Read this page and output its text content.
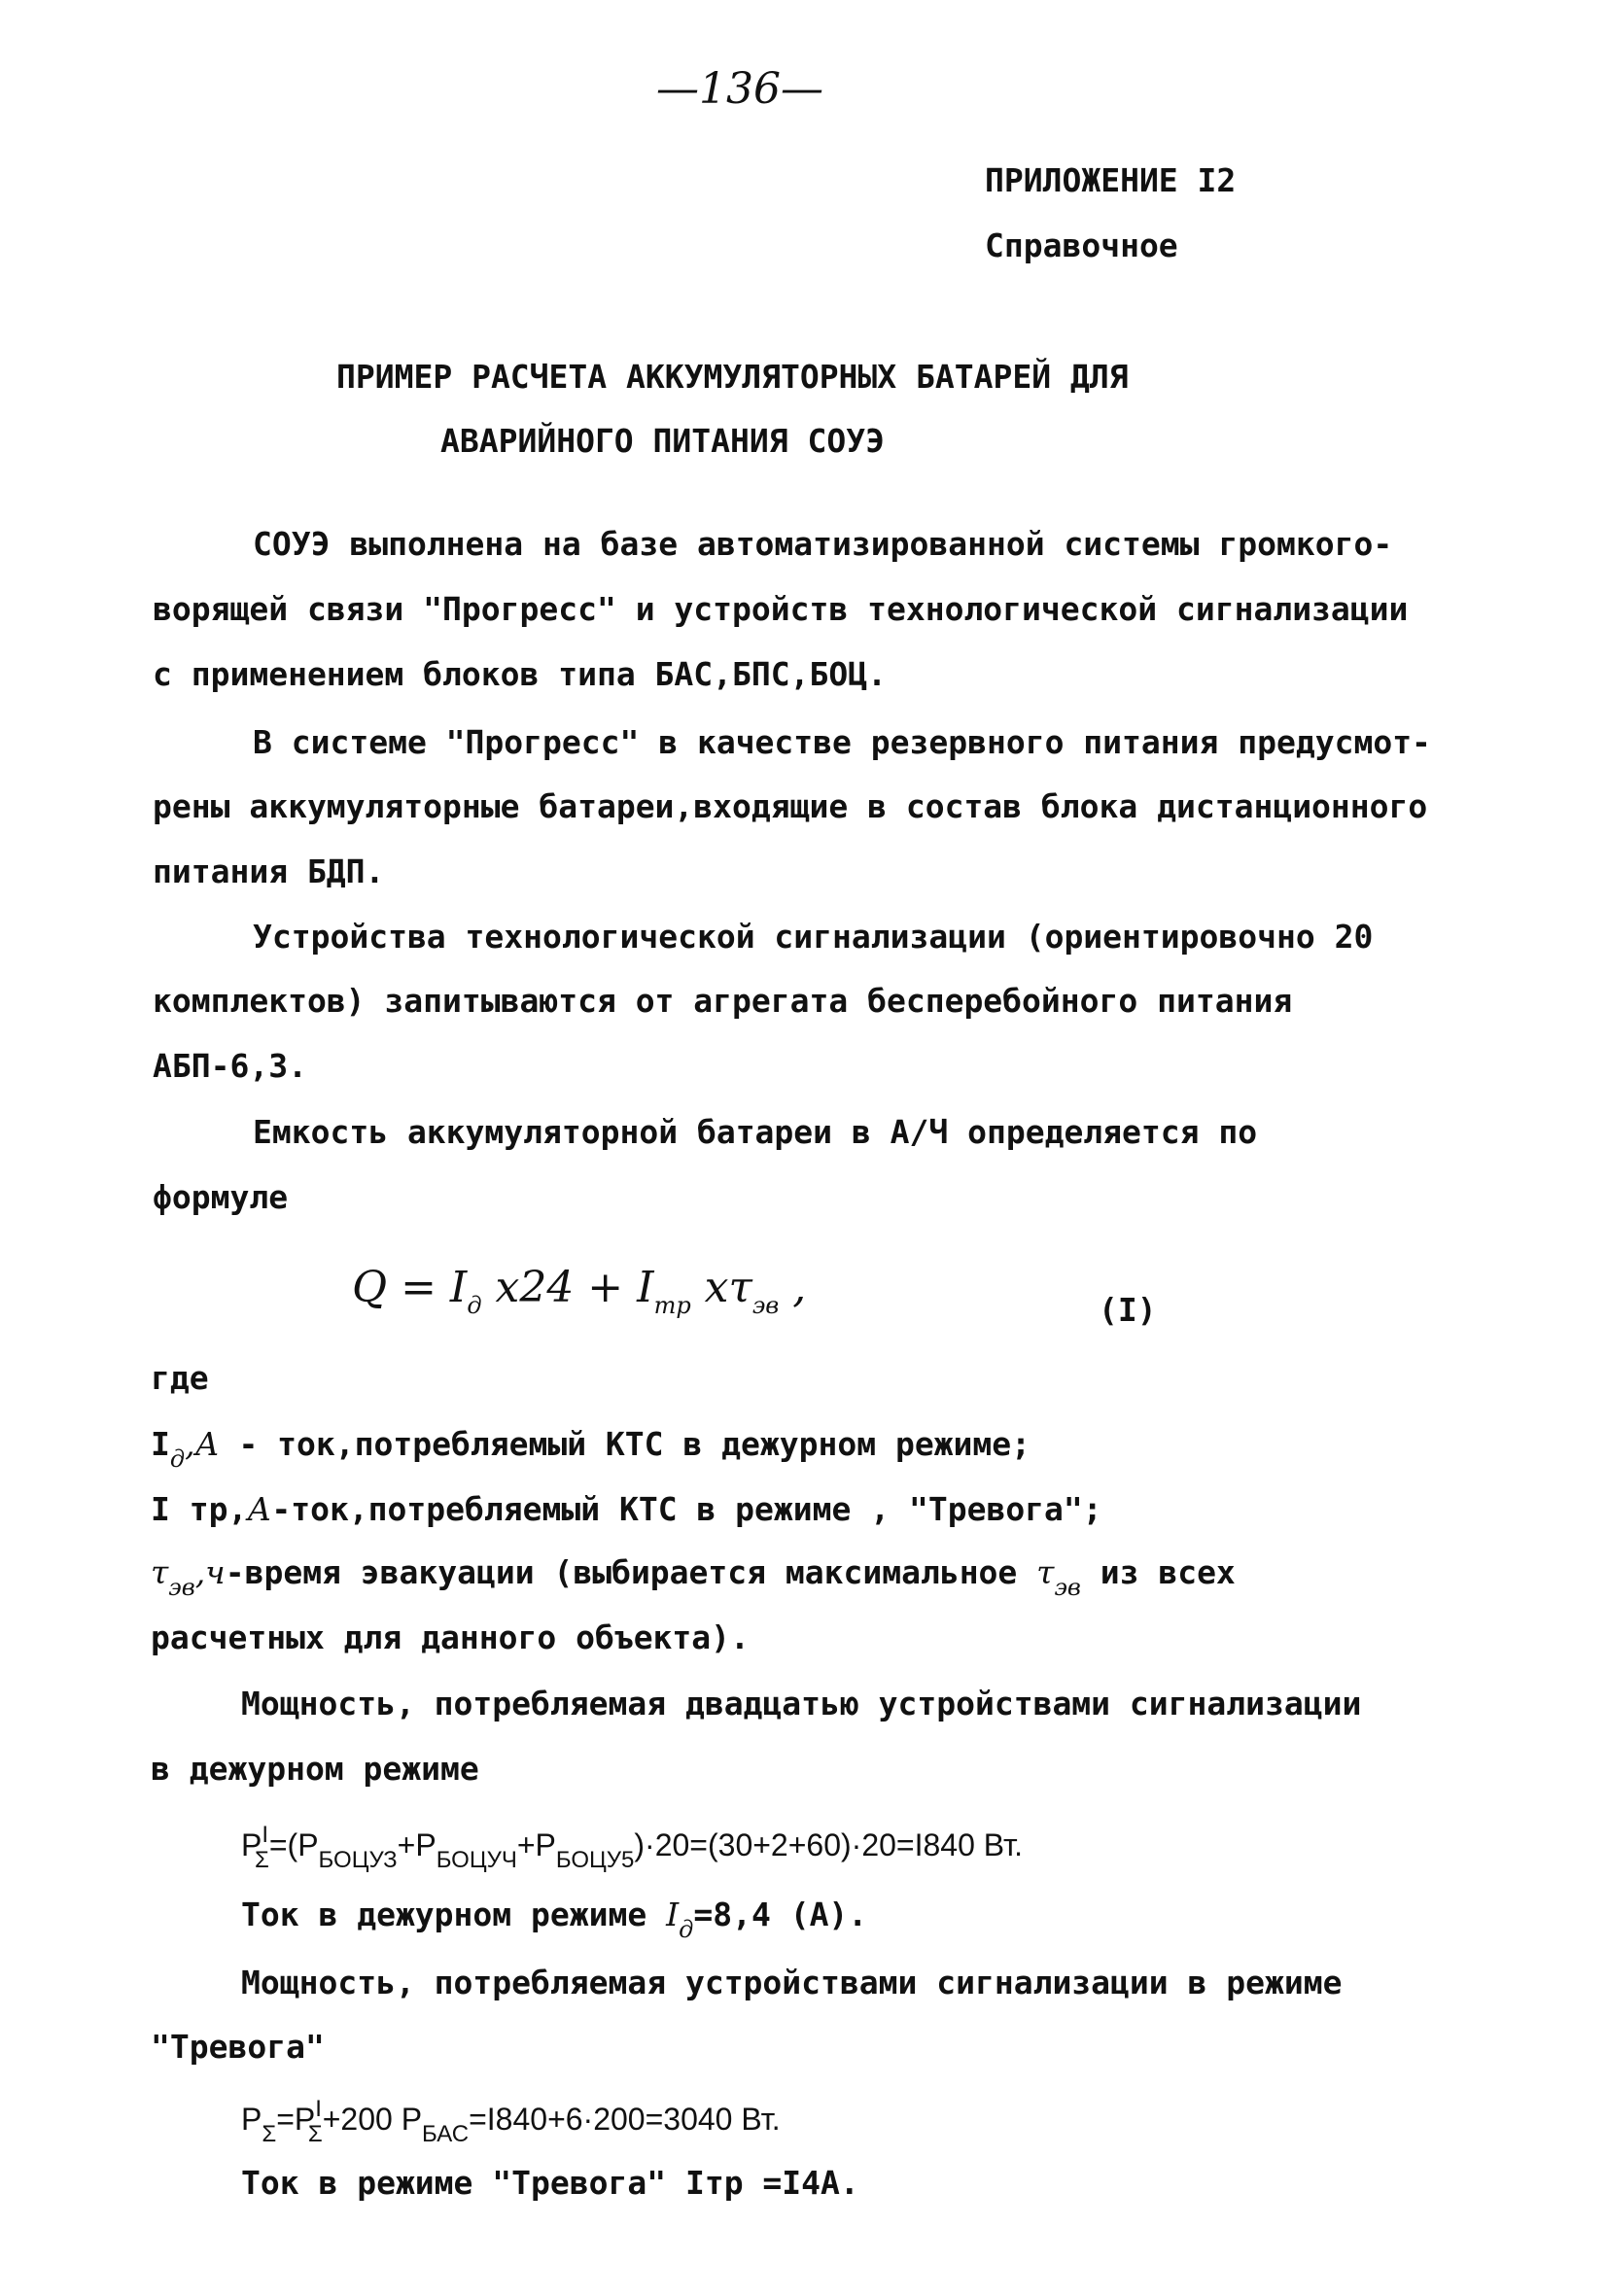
—136—
ПРИЛОЖЕНИЕ I2
Справочное
ПРИМЕР РАСЧЕТА АККУМУЛЯТОРНЫХ БАТАРЕЙ ДЛЯ
АВАРИЙНОГО ПИТАНИЯ СОУЭ
СОУЭ выполнена на базе автоматизированной системы громкого-
ворящей связи "Прогресс" и устройств технологической сигнализации
с применением блоков типа БАС,БПС,БОЦ.
В системе "Прогресс" в качестве резервного питания предусмот-
рены аккумуляторные батареи,входящие в состав блока дистанционного
питания БДП.
Устройства технологической сигнализации (ориентировочно 20
комплектов) запитываются от агрегата бесперебойного питания
АБП-6,3.
Емкость аккумуляторной батареи в А/Ч определяется по
формуле
$Q = I_д$ $х24 + I_{тр}$ $х\tau_{эв}$ ,	(I)
где
$I_д,А$ - ток,потребляемый КТС в дежурном режиме;
I тр,А-ток,потребляемый КТС в режиме , "Тревога";
$\tau_{эв},ч$-время эвакуации (выбирается максимальное $\tau_{эв}$ из всех
расчетных для данного объекта).
Мощность, потребляемая двадцатью устройствами сигнализации
в дежурном режиме
$P^I_\Sigma=(P_{БОЦУЗ}+P_{БОЦУЧ}+P_{БОЦУ5})\cdot 20=(30+2+60)\cdot 20=I840$ Вт.
Ток в дежурном режиме $I_д=8,4$ (А).
Мощность, потребляемая устройствами сигнализации в режиме
"Тревога"
$P_\Sigma=P^I_\Sigma+200$ $P_{БАС}=I840+6\cdot 200=3040$ Вт.
Ток в режиме "Тревога" Iтр =I4А.
